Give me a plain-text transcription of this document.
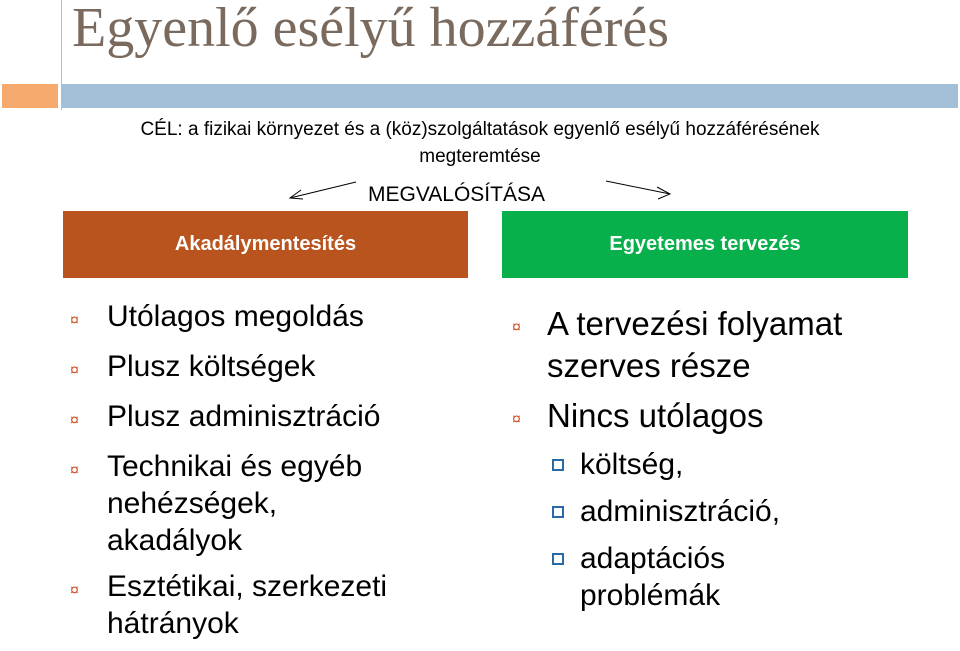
Egyenlő esélyű hozzáférés
CÉL: a fizikai környezet és a (köz)szolgáltatások egyenlő esélyű hozzáférésének
megteremtése
MEGVALÓSÍTÁSA
Akadálymentesítés	Egyetemes tervezés
¤ Utólagos megoldás
¤ Plusz költségek
¤ Plusz adminisztráció
¤ Technikai és egyéb nehézségek, akadályok
¤ Esztétikai, szerkezeti hátrányok
¤ A tervezési folyamat szerves része
¤ Nincs utólagos
költség,
adminisztráció,
adaptációs problémák
